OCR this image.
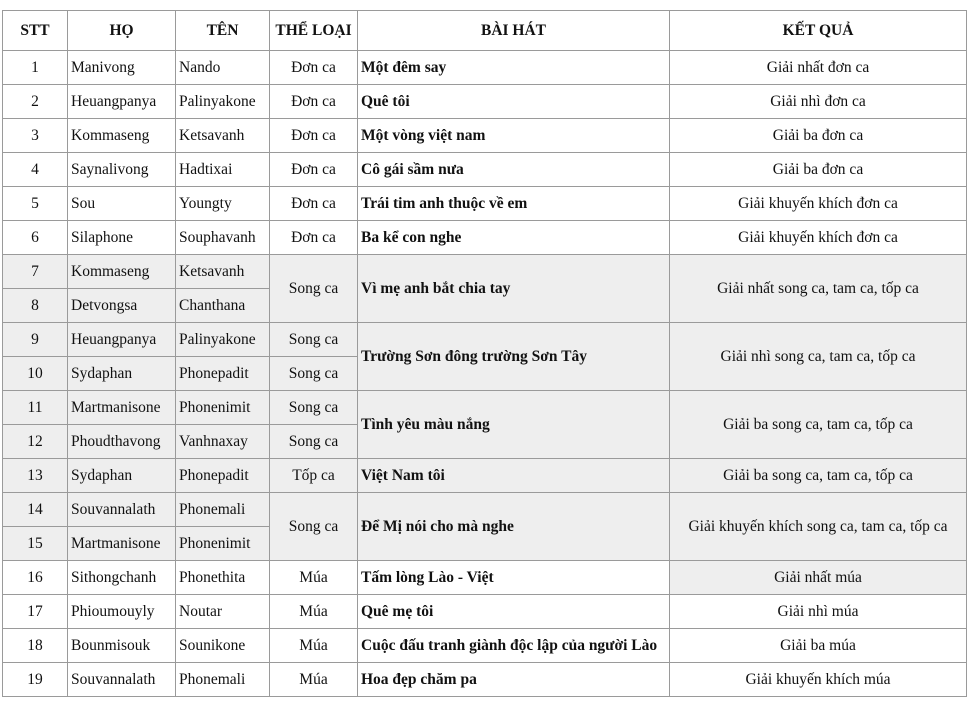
STT	HỌ	TÊN	THỂ LOẠI	BÀI HÁT	KẾT QUẢ
1	Manivong	Nando	Đơn ca	Một đêm say	Giải nhất đơn ca
2	Heuangpanya	Palinyakone	Đơn ca	Quê tôi	Giải nhì đơn ca
3	Kommaseng	Ketsavanh	Đơn ca	Một vòng việt nam	Giải ba đơn ca
4	Saynalivong	Hadtixai	Đơn ca	Cô gái sầm nưa	Giải ba đơn ca
5	Sou	Youngty	Đơn ca	Trái tim anh thuộc về em	Giải khuyến khích đơn ca
6	Silaphone	Souphavanh	Đơn ca	Ba kể con nghe	Giải khuyến khích đơn ca
7	Kommaseng	Ketsavanh	Song ca	Vì mẹ anh bắt chia tay	Giải nhất song ca, tam ca, tốp ca
8	Detvongsa	Chanthana			
9	Heuangpanya	Palinyakone	Song ca	Trường Sơn đông trường Sơn Tây	Giải nhì song ca, tam ca, tốp ca
10	Sydaphan	Phonepadit	Song ca		
11	Martmanisone	Phonenimit	Song ca	Tình yêu màu nắng	Giải ba song ca, tam ca, tốp ca
12	Phoudthavong	Vanhnaxay	Song ca		
13	Sydaphan	Phonepadit	Tốp ca	Việt Nam tôi	Giải ba song ca, tam ca, tốp ca
14	Souvannalath	Phonemali	Song ca	Để Mị nói cho mà nghe	Giải khuyến khích song ca, tam ca, tốp ca
15	Martmanisone	Phonenimit			
16	Sithongchanh	Phonethita	Múa	Tấm lòng Lào - Việt	Giải nhất múa
17	Phioumouyly	Noutar	Múa	Quê mẹ tôi	Giải nhì múa
18	Bounmisouk	Sounikone	Múa	Cuộc đấu tranh giành độc lập của người Lào	Giải ba múa
19	Souvannalath	Phonemali	Múa	Hoa đẹp chăm pa	Giải khuyến khích múa
